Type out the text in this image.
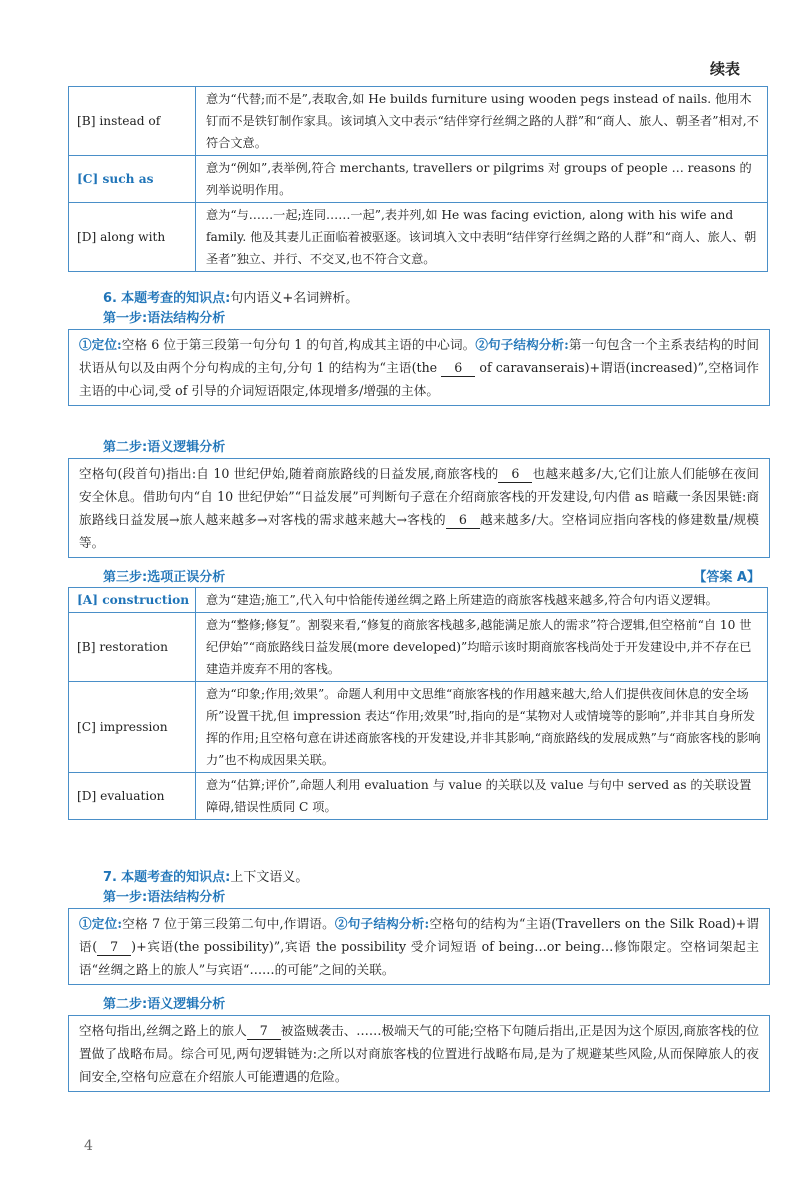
续表
[B] instead of	意为“代替;而不是”,表取舍,如 He builds furniture using wooden pegs instead of nails. 他用木钉而不是铁钉制作家具。该词填入文中表示“结伴穿行丝绸之路的人群”和“商人、旅人、朝圣者”相对,不符合文意。
[C] such as	意为“例如”,表举例,符合 merchants, travellers or pilgrims 对 groups of people … reasons 的列举说明作用。
[D] along with	意为“与……一起;连同……一起”,表并列,如 He was facing eviction, along with his wife and family. 他及其妻儿正面临着被驱逐。该词填入文中表明“结伴穿行丝绸之路的人群”和“商人、旅人、朝圣者”独立、并行、不交叉,也不符合文意。
6. 本题考查的知识点:句内语义+名词辨析。
第一步:语法结构分析
①定位:空格 6 位于第三段第一句分句 1 的句首,构成其主语的中心词。②句子结构分析:第一句包含一个主系表结构的时间状语从句以及由两个分句构成的主句,分句 1 的结构为“主语(the 6 of caravanserais)+谓语(increased)”,空格词作主语的中心词,受 of 引导的介词短语限定,体现增多/增强的主体。
第二步:语义逻辑分析
空格句(段首句)指出:自 10 世纪伊始,随着商旅路线的日益发展,商旅客栈的 6 也越来越多/大,它们让旅人们能够在夜间安全休息。借助句内“自 10 世纪伊始”“日益发展”可判断句子意在介绍商旅客栈的开发建设,句内借 as 暗藏一条因果链:商旅路线日益发展→旅人越来越多→对客栈的需求越来越大→客栈的 6 越来越多/大。空格词应指向客栈的修建数量/规模等。
第三步:选项正误分析	【答案 A】
[A] construction	意为“建造;施工”,代入句中恰能传递丝绸之路上所建造的商旅客栈越来越多,符合句内语义逻辑。
[B] restoration	意为“整修;修复”。割裂来看,“修复的商旅客栈越多,越能满足旅人的需求”符合逻辑,但空格前“自 10 世纪伊始”“商旅路线日益发展(more developed)”均暗示该时期商旅客栈尚处于开发建设中,并不存在已建造并废弃不用的客栈。
[C] impression	意为“印象;作用;效果”。命题人利用中文思维“商旅客栈的作用越来越大,给人们提供夜间休息的安全场所”设置干扰,但 impression 表达“作用;效果”时,指向的是“某物对人或情境等的影响”,并非其自身所发挥的作用;且空格句意在讲述商旅客栈的开发建设,并非其影响,“商旅路线的发展成熟”与“商旅客栈的影响力”也不构成因果关联。
[D] evaluation	意为“估算;评价”,命题人利用 evaluation 与 value 的关联以及 value 与句中 served as 的关联设置障碍,错误性质同 C 项。
7. 本题考查的知识点:上下文语义。
第一步:语法结构分析
①定位:空格 7 位于第三段第二句中,作谓语。②句子结构分析:空格句的结构为“主语(Travellers on the Silk Road)+谓语( 7 )+宾语(the possibility)”,宾语 the possibility 受介词短语 of being…or being…修饰限定。空格词架起主语“丝绸之路上的旅人”与宾语“……的可能”之间的关联。
第二步:语义逻辑分析
空格句指出,丝绸之路上的旅人 7 被盗贼袭击、……极端天气的可能;空格下句随后指出,正是因为这个原因,商旅客栈的位置做了战略布局。综合可见,两句逻辑链为:之所以对商旅客栈的位置进行战略布局,是为了规避某些风险,从而保障旅人的夜间安全,空格句应意在介绍旅人可能遭遇的危险。
4
